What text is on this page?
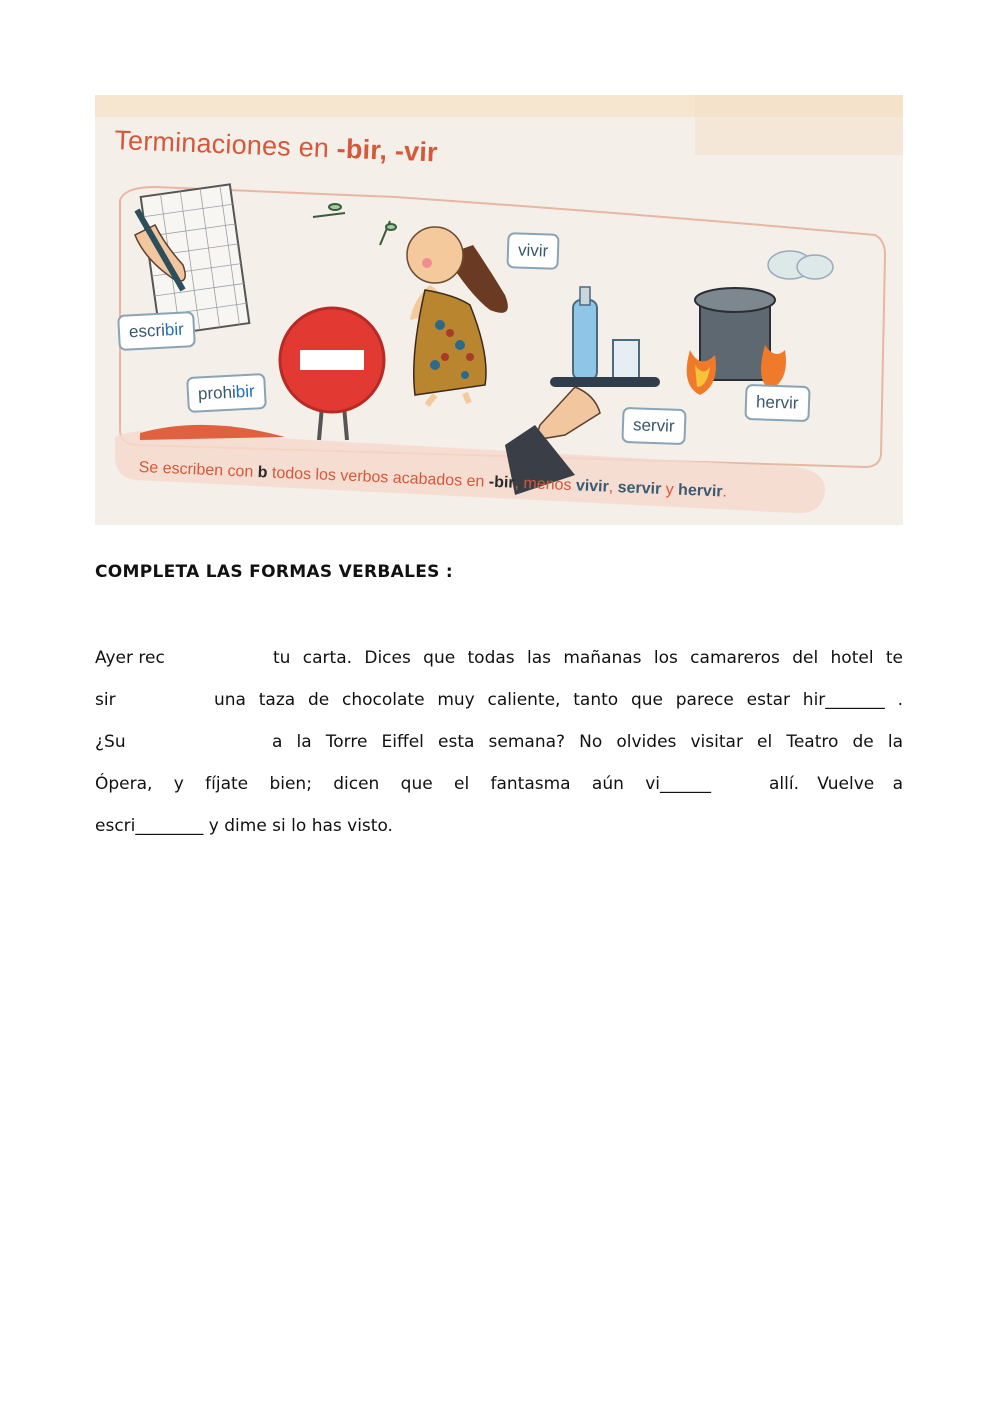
Terminaciones en -bir, -vir
escribir
prohibir
vivir
servir
hervir
Se escriben con b todos los verbos acabados en -bir, menos vivir, servir y hervir.
COMPLETA LAS FORMAS VERBALES :
Ayer rec	tu carta. Dices que todas las mañanas los camareros del hotel te
sir	una taza de chocolate muy caliente, tanto que parece estar hir_______ .
¿Su	a la Torre Eiffel esta semana? No olvides visitar el Teatro de la
Ópera, y fíjate bien; dicen que el fantasma aún vi______	allí. Vuelve a
escri________ y dime si lo has visto.
